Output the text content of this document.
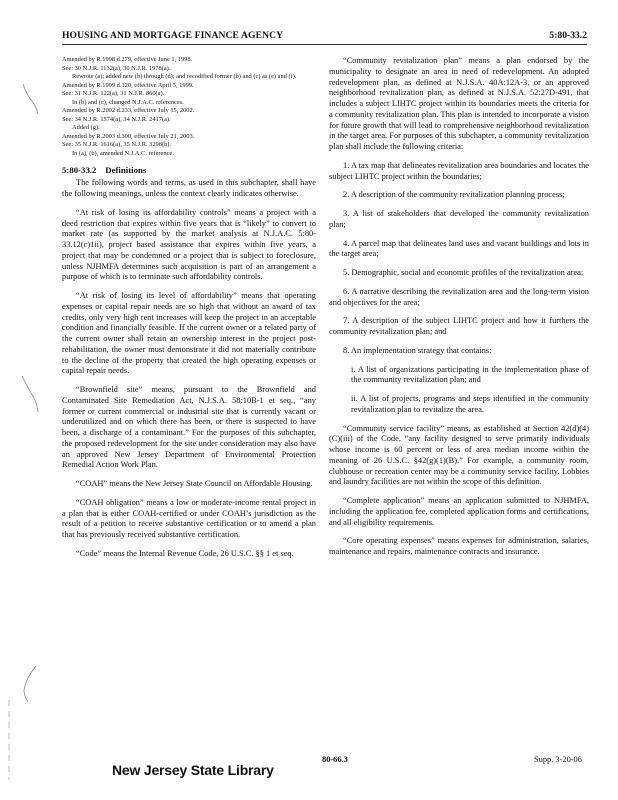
HOUSING AND MORTGAGE FINANCE AGENCY	5:80-33.2
Amended by R.1998 d.279, effective June 1, 1998.
See: 30 N.J.R. 1132(a), 30 N.J.R. 1978(a).
Rewrote (a); added new (b) through (d); and recodified former (b) and (c) as (e) and (f).
Amended by R.1999 d.120, effective April 5, 1999.
See: 31 N.J.R. 122(a), 31 N.J.R. 860(a).
In (b) and (c), changed N.J.A.C. references.
Amended by R.2002 d.233, effective July 15, 2002.
See: 34 N.J.R. 1574(a), 34 N.J.R. 2417(a).
Added (g).
Amended by R.2003 d.300, effective July 21, 2003.
See: 35 N.J.R. 1616(a), 35 N.J.R. 3298(b).
In (a), (b), amended N.J.A.C. reference.
5:80-33.2    Definitions

The following words and terms, as used in this subchapter, shall have the following meanings, unless the context clearly indicates otherwise.

“At risk of losing its affordability controls” means a project with a deed restriction that expires within five years that is “likely” to convert to market rate (as supported by the market analysis at N.J.A.C. 5:80-33.12(c)1ii), project based assistance that expires within five years, a project that may be condemned or a project that is subject to foreclosure, unless NJHMFA determines such acquisition is part of an arrangement a purpose of which is to terminate such affordability controls.

“At risk of losing its level of affordability” means that operating expenses or capital repair needs are so high that without an award of tax credits, only very high rent increases will keep the project in an acceptable condition and financially feasible. If the current owner or a related party of the current owner shall retain an ownership interest in the project post-rehabilitation, the owner must demonstrate it did not materially contribute to the decline of the property that created the high operating expenses or capital repair needs.

“Brownfield site” means, pursuant to the Brownfield and Contaminated Site Remediation Act, N.J.S.A. 58:10B-1 et seq., “any former or current commercial or industrial site that is currently vacant or underutilized and on which there has been, or there is suspected to have been, a discharge of a contaminant.” For the purposes of this subchapter, the proposed redevelopment for the site under consideration may also have an approved New Jersey Department of Environmental Protection Remedial Action Work Plan.

“COAH” means the New Jersey State Council on Affordable Housing.

“COAH obligation” means a low or moderate-income rental project in a plan that is either COAH-certified or under COAH’s jurisdiction as the result of a petition to receive substantive certification or to amend a plan that has previously received substantive certification.

“Code” means the Internal Revenue Code, 26 U.S.C. §§ 1 et seq.

“Community revitalization plan” means a plan endorsed by the municipality to designate an area in need of redevelopment. An adopted redevelopment plan, as defined at N.J.S.A. 40A:12A-3, or an approved neighborhood revitalization plan, as defined at N.J.S.A. 52:27D-491, that includes a subject LIHTC project within its boundaries meets the criteria for a community revitalization plan. This plan is intended to incorporate a vision for future growth that will lead to comprehensive neighborhood revitalization in the target area. For purposes of this subchapter, a community revitalization plan shall include the following criteria:

1. A tax map that delineates revitalization area boundaries and locates the subject LIHTC project within the boundaries;

2. A description of the community revitalization planning process;

3. A list of stakeholders that developed the community revitalization plan;

4. A parcel map that delineates land uses and vacant buildings and lots in the target area;

5. Demographic, social and economic profiles of the revitalization area;

6. A narrative describing the revitalization area and the long-term vision and objectives for the area;

7. A description of the subject LIHTC project and how it furthers the community revitalization plan; and

8. An implementation strategy that contains:

i. A list of organizations participating in the implementation phase of the community revitalization plan; and

ii. A list of projects, programs and steps identified in the community revitalization plan to revitalize the area.

“Community service facility” means, as established at Section 42(d)(4)(C)(iii) of the Code, “any facility designed to serve primarily individuals whose income is 60 percent or less of area median income within the meaning of 26 U.S.C. §42(g)(1)(B).” For example, a community room, clubhouse or recreation center may be a community service facility. Lobbies and laundry facilities are not within the scope of this definition.

“Complete application” means an application submitted to NJHMFA, including the application fee, completed application forms and certifications, and all eligibility requirements.

“Core operating expenses” means expenses for administration, salaries, maintenance and repairs, maintenance contracts and insurance.

New Jersey State Library
80-66.3	Supp. 3-20-06
